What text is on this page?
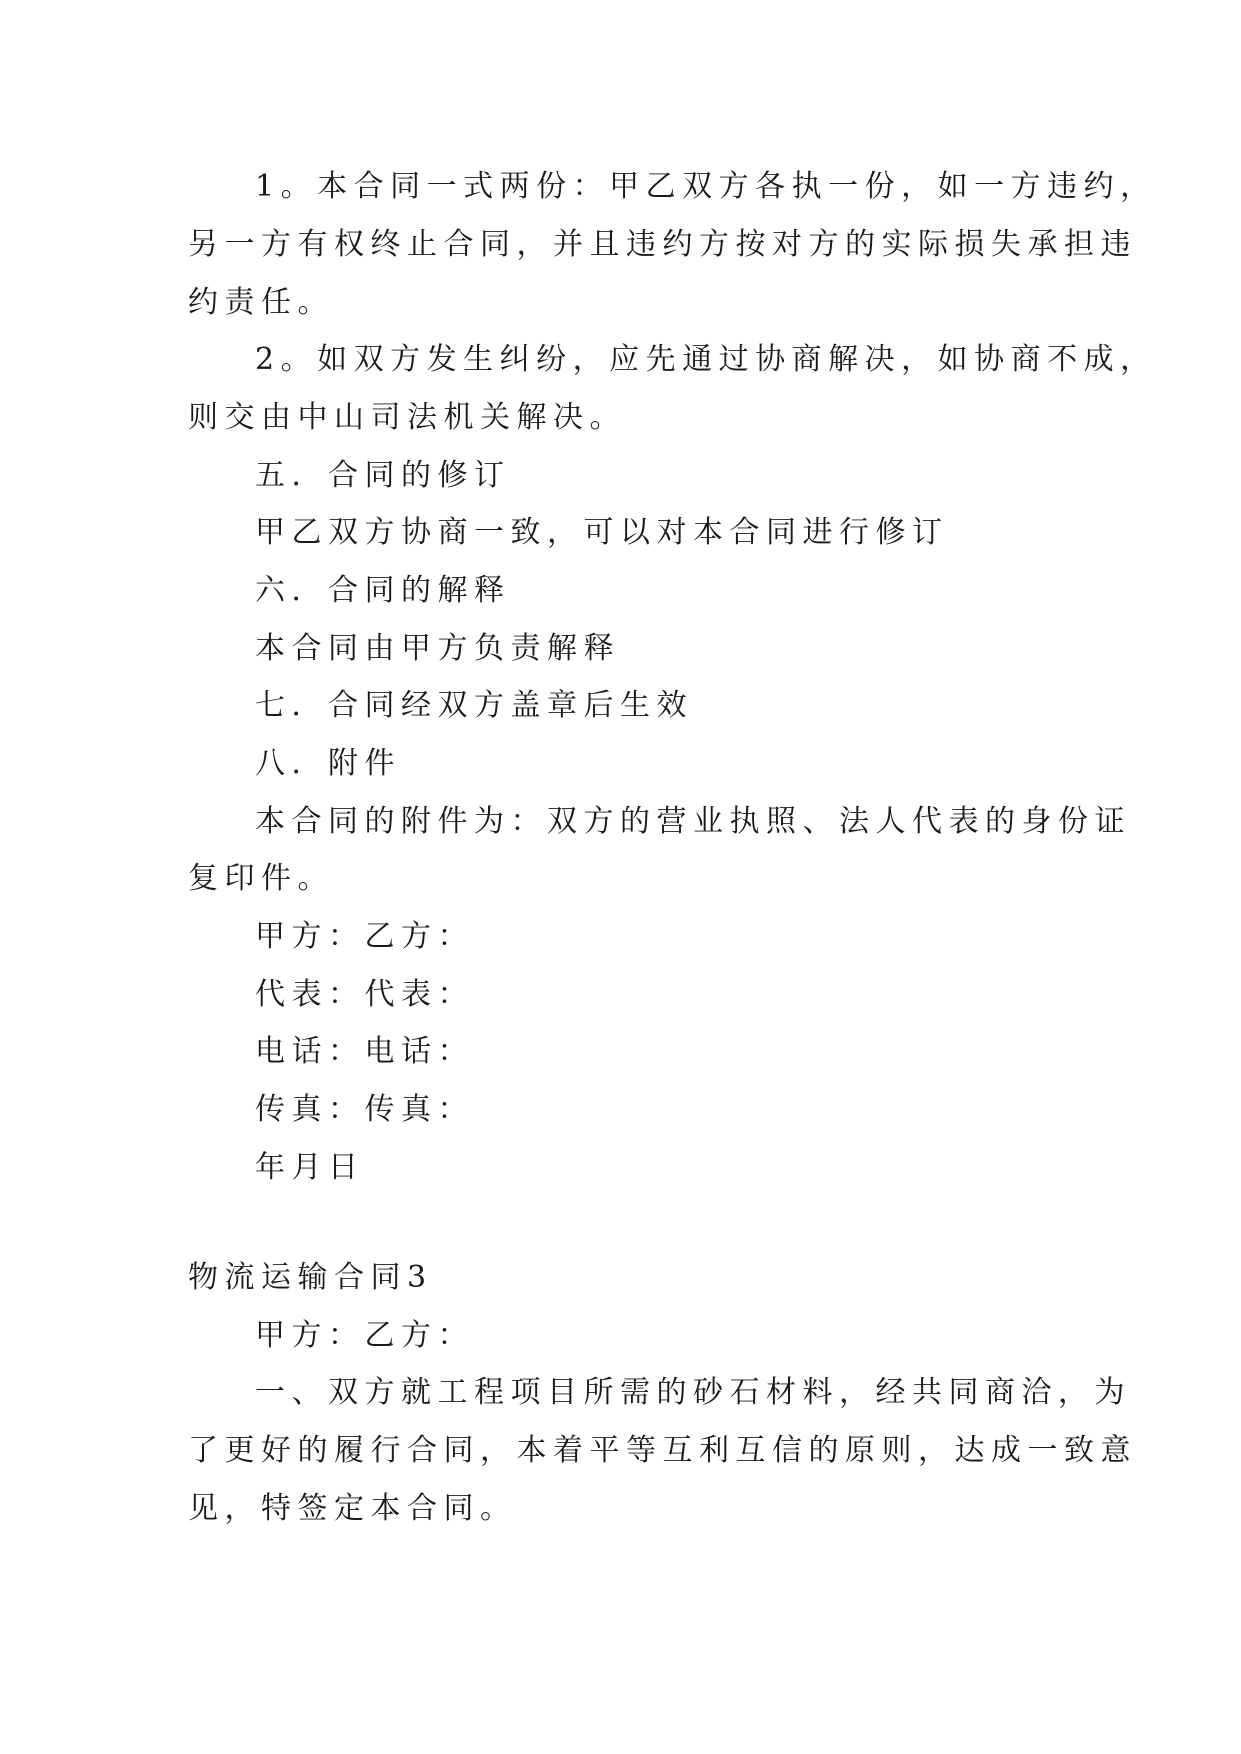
1。本合同一式两份：甲乙双方各执一份，如一方违约，
另一方有权终止合同，并且违约方按对方的实际损失承担违
约责任。
2。如双方发生纠纷，应先通过协商解决，如协商不成，
则交由中山司法机关解决。
五．合同的修订
甲乙双方协商一致，可以对本合同进行修订
六．合同的解释
本合同由甲方负责解释
七．合同经双方盖章后生效
八．附件
本合同的附件为：双方的营业执照、法人代表的身份证
复印件。
甲方：乙方：
代表：代表：
电话：电话：
传真：传真：
年月日
物流运输合同3
甲方：乙方：
一、双方就工程项目所需的砂石材料，经共同商洽，为
了更好的履行合同，本着平等互利互信的原则，达成一致意
见，特签定本合同。
